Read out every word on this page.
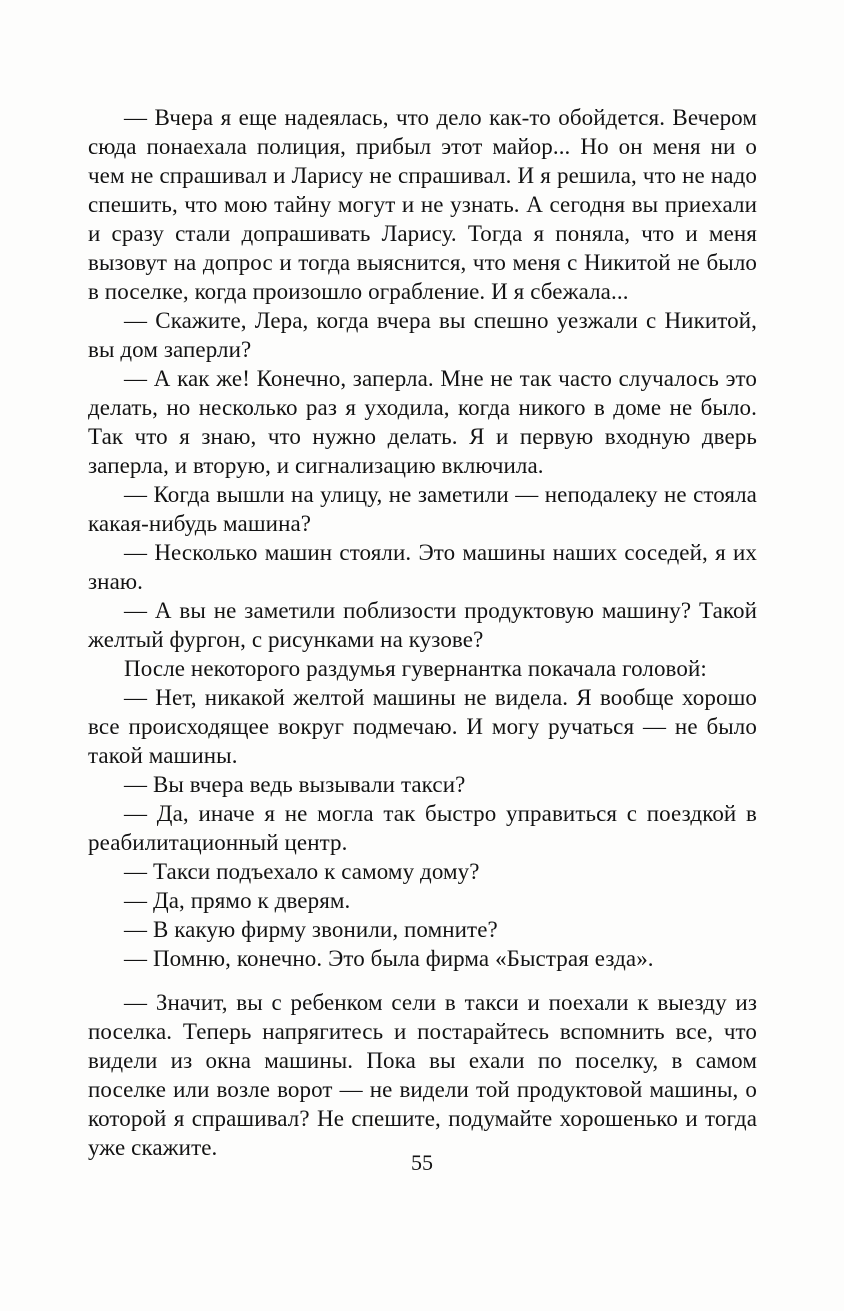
— Вчера я еще надеялась, что дело как-то обойдется. Вечером сюда понаехала полиция, прибыл этот майор... Но он меня ни о чем не спрашивал и Ларису не спрашивал. И я решила, что не надо спешить, что мою тайну могут и не узнать. А сегодня вы приехали и сразу стали допрашивать Ларису. Тогда я поняла, что и меня вызовут на допрос и тогда выяснится, что меня с Никитой не было в поселке, когда произошло ограбление. И я сбежала...

— Скажите, Лера, когда вчера вы спешно уезжали с Никитой, вы дом заперли?

— А как же! Конечно, заперла. Мне не так часто случалось это делать, но несколько раз я уходила, когда никого в доме не было. Так что я знаю, что нужно делать. Я и первую входную дверь заперла, и вторую, и сигнализацию включила.

— Когда вышли на улицу, не заметили — неподалеку не стояла какая-нибудь машина?

— Несколько машин стояли. Это машины наших соседей, я их знаю.

— А вы не заметили поблизости продуктовую машину? Такой желтый фургон, с рисунками на кузове?

После некоторого раздумья гувернантка покачала головой:

— Нет, никакой желтой машины не видела. Я вообще хорошо все происходящее вокруг подмечаю. И могу ручаться — не было такой машины.

— Вы вчера ведь вызывали такси?

— Да, иначе я не могла так быстро управиться с поездкой в реабилитационный центр.

— Такси подъехало к самому дому?

— Да, прямо к дверям.

— В какую фирму звонили, помните?

— Помню, конечно. Это была фирма «Быстрая езда».

— Значит, вы с ребенком сели в такси и поехали к выезду из поселка. Теперь напрягитесь и постарайтесь вспомнить все, что видели из окна машины. Пока вы ехали по поселку, в самом поселке или возле ворот — не видели той продуктовой машины, о которой я спрашивал? Не спешите, подумайте хорошенько и тогда уже скажите.

55
